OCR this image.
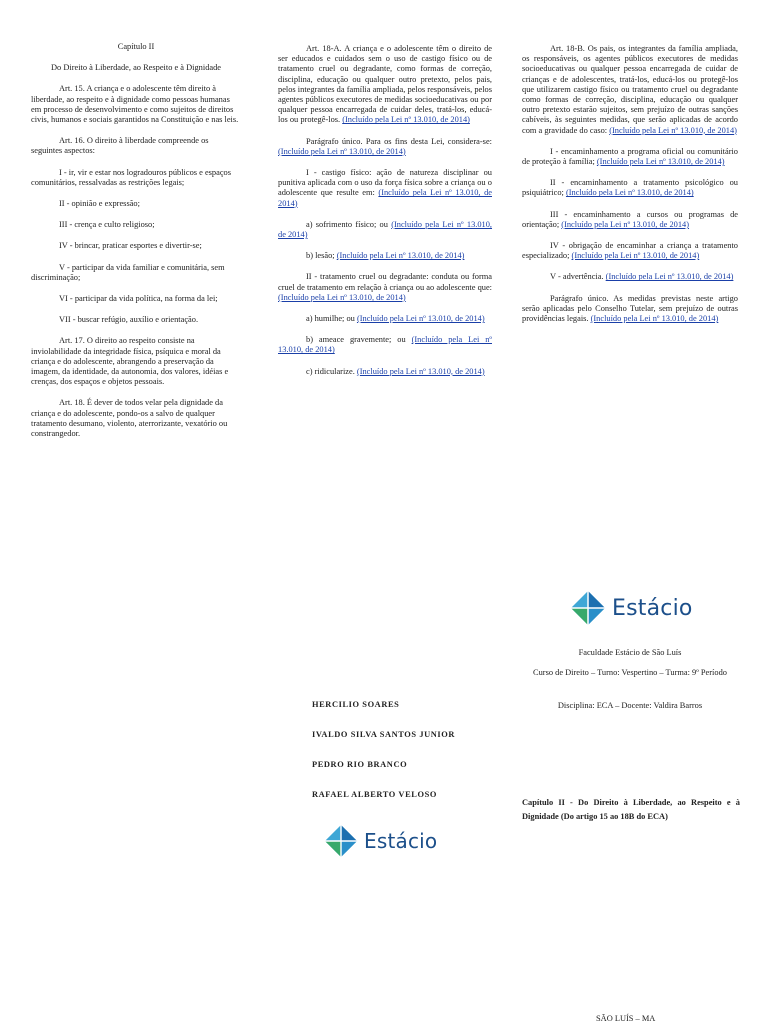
Capítulo II

Do Direito à Liberdade, ao Respeito e à Dignidade

Art. 15. A criança e o adolescente têm direito à liberdade, ao respeito e à dignidade como pessoas humanas em processo de desenvolvimento e como sujeitos de direitos civis, humanos e sociais garantidos na Constituição e nas leis.

Art. 16. O direito à liberdade compreende os seguintes aspectos:

I - ir, vir e estar nos logradouros públicos e espaços comunitários, ressalvadas as restrições legais;

II - opinião e expressão;

III - crença e culto religioso;

IV - brincar, praticar esportes e divertir-se;

V - participar da vida familiar e comunitária, sem discriminação;

VI - participar da vida política, na forma da lei;

VII - buscar refúgio, auxílio e orientação.

Art. 17. O direito ao respeito consiste na inviolabilidade da integridade física, psíquica e moral da criança e do adolescente, abrangendo a preservação da imagem, da identidade, da autonomia, dos valores, idéias e crenças, dos espaços e objetos pessoais.

Art. 18. É dever de todos velar pela dignidade da criança e do adolescente, pondo-os a salvo de qualquer tratamento desumano, violento, aterrorizante, vexatório ou constrangedor.

Art. 18-A. A criança e o adolescente têm o direito de ser educados e cuidados sem o uso de castigo físico ou de tratamento cruel ou degradante, como formas de correção, disciplina, educação ou qualquer outro pretexto, pelos pais, pelos integrantes da família ampliada, pelos responsáveis, pelos agentes públicos executores de medidas socioeducativas ou por qualquer pessoa encarregada de cuidar deles, tratá-los, educá-los ou protegê-los. (Incluído pela Lei nº 13.010, de 2014)

Parágrafo único. Para os fins desta Lei, considera-se: (Incluído pela Lei nº 13.010, de 2014)

I - castigo físico: ação de natureza disciplinar ou punitiva aplicada com o uso da força física sobre a criança ou o adolescente que resulte em: (Incluído pela Lei nº 13.010, de 2014)

a) sofrimento físico; ou (Incluído pela Lei nº 13.010, de 2014)

b) lesão; (Incluído pela Lei nº 13.010, de 2014)

II - tratamento cruel ou degradante: conduta ou forma cruel de tratamento em relação à criança ou ao adolescente que: (Incluído pela Lei nº 13.010, de 2014)

a) humilhe; ou (Incluído pela Lei nº 13.010, de 2014)

b) ameace gravemente; ou (Incluído pela Lei nº 13.010, de 2014)

c) ridicularize. (Incluído pela Lei nº 13.010, de 2014)

Art. 18-B. Os pais, os integrantes da família ampliada, os responsáveis, os agentes públicos executores de medidas socioeducativas ou qualquer pessoa encarregada de cuidar de crianças e de adolescentes, tratá-los, educá-los ou protegê-los que utilizarem castigo físico ou tratamento cruel ou degradante como formas de correção, disciplina, educação ou qualquer outro pretexto estarão sujeitos, sem prejuízo de outras sanções cabíveis, às seguintes medidas, que serão aplicadas de acordo com a gravidade do caso: (Incluído pela Lei nº 13.010, de 2014)

I - encaminhamento a programa oficial ou comunitário de proteção à família; (Incluído pela Lei nº 13.010, de 2014)

II - encaminhamento a tratamento psicológico ou psiquiátrico; (Incluído pela Lei nº 13.010, de 2014)

III - encaminhamento a cursos ou programas de orientação; (Incluído pela Lei nº 13.010, de 2014)

IV - obrigação de encaminhar a criança a tratamento especializado; (Incluído pela Lei nº 13.010, de 2014)

V - advertência. (Incluído pela Lei nº 13.010, de 2014)

Parágrafo único. As medidas previstas neste artigo serão aplicadas pelo Conselho Tutelar, sem prejuízo de outras providências legais. (Incluído pela Lei nº 13.010, de 2014)

Estácio
Faculdade Estácio de São Luís
Curso de Direito – Turno: Vespertino – Turma: 9º Período
Disciplina: ECA – Docente: Valdira Barros
HERCILIO SOARES
IVALDO SILVA SANTOS JUNIOR
PEDRO RIO BRANCO
RAFAEL ALBERTO VELOSO
Estácio
Capítulo II - Do Direito à Liberdade, ao Respeito e à Dignidade (Do artigo 15 ao 18B do ECA)
SÃO LUÍS – MA
